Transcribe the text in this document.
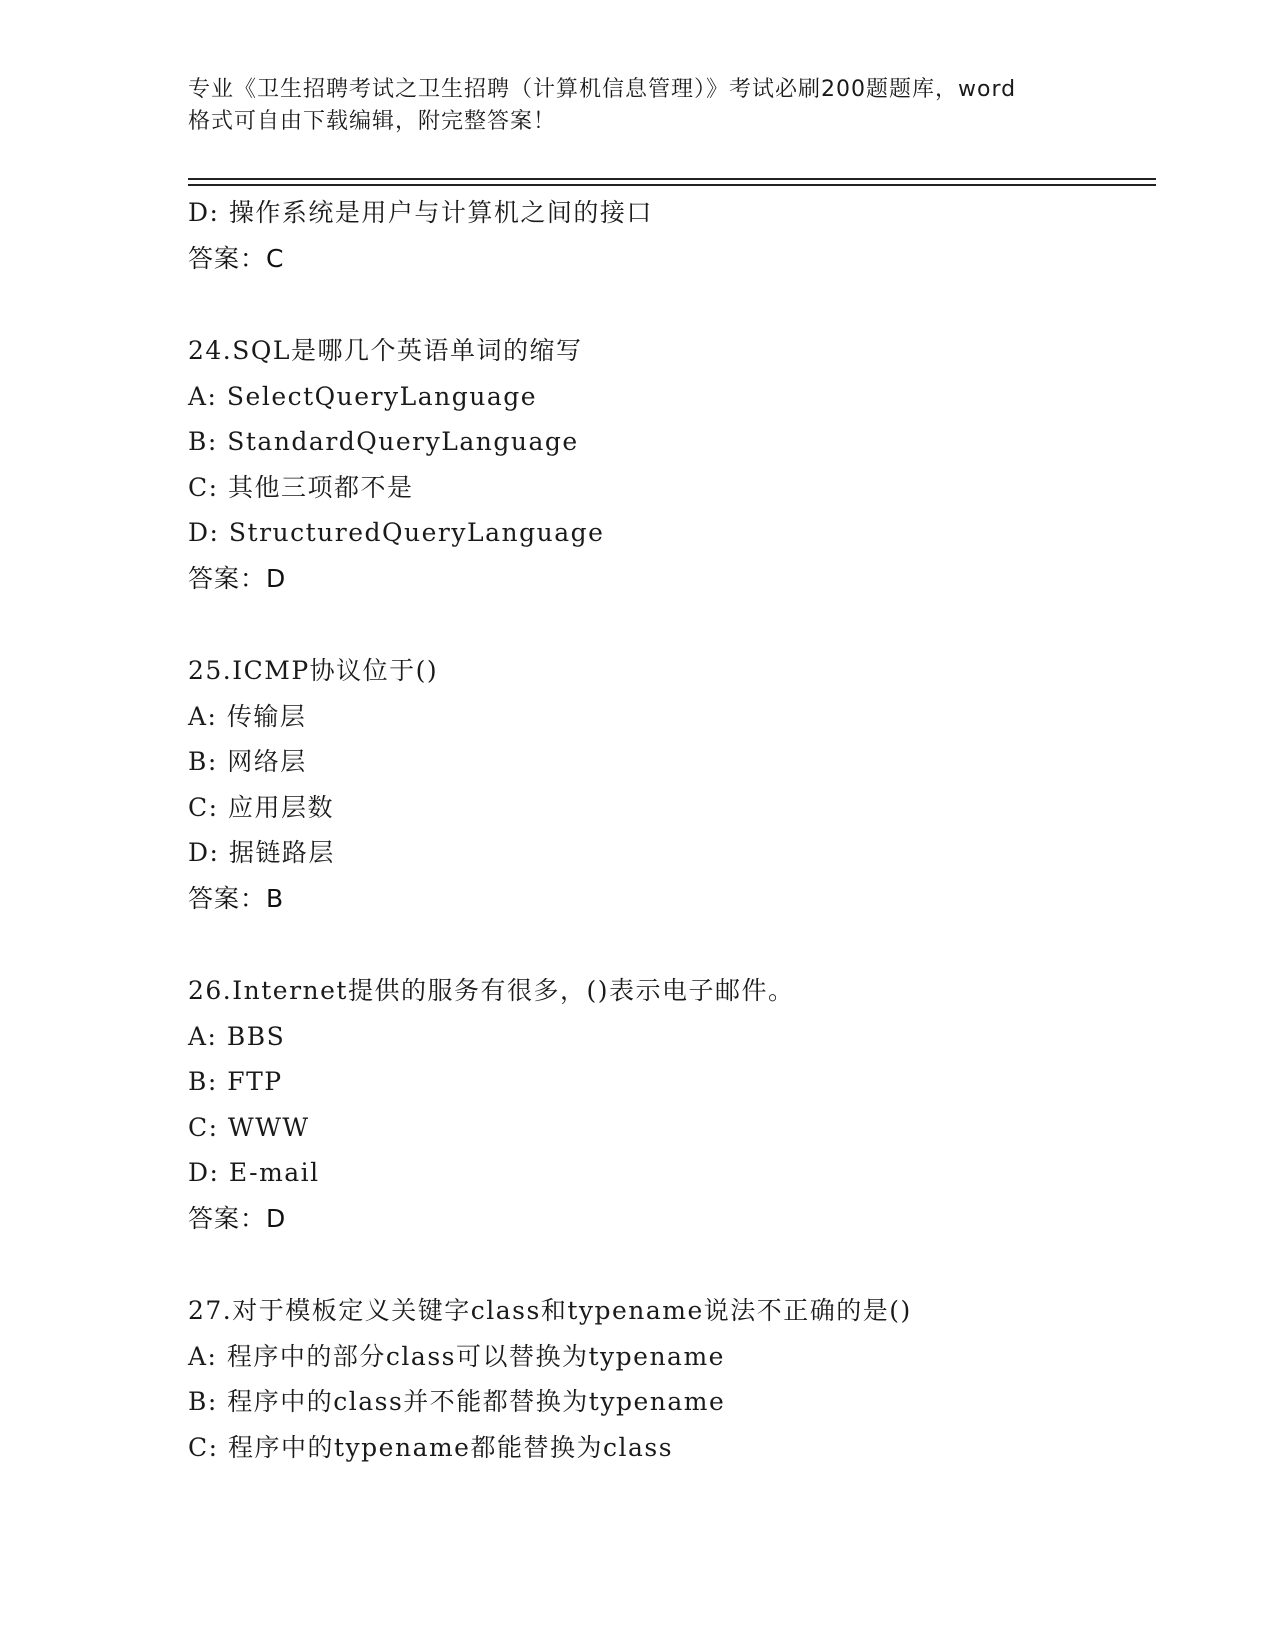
专业《卫生招聘考试之卫生招聘（计算机信息管理）》考试必刷200题题库，word
格式可自由下载编辑，附完整答案！
D: 操作系统是用户与计算机之间的接口
答案：C
24.SQL是哪几个英语单词的缩写
A: SelectQueryLanguage
B: StandardQueryLanguage
C: 其他三项都不是
D: StructuredQueryLanguage
答案：D
25.ICMP协议位于()
A: 传输层
B: 网络层
C: 应用层数
D: 据链路层
答案：B
26.Internet提供的服务有很多，()表示电子邮件。
A: BBS
B: FTP
C: WWW
D: E-mail
答案：D
27.对于模板定义关键字class和typename说法不正确的是()
A: 程序中的部分class可以替换为typename
B: 程序中的class并不能都替换为typename
C: 程序中的typename都能替换为class
